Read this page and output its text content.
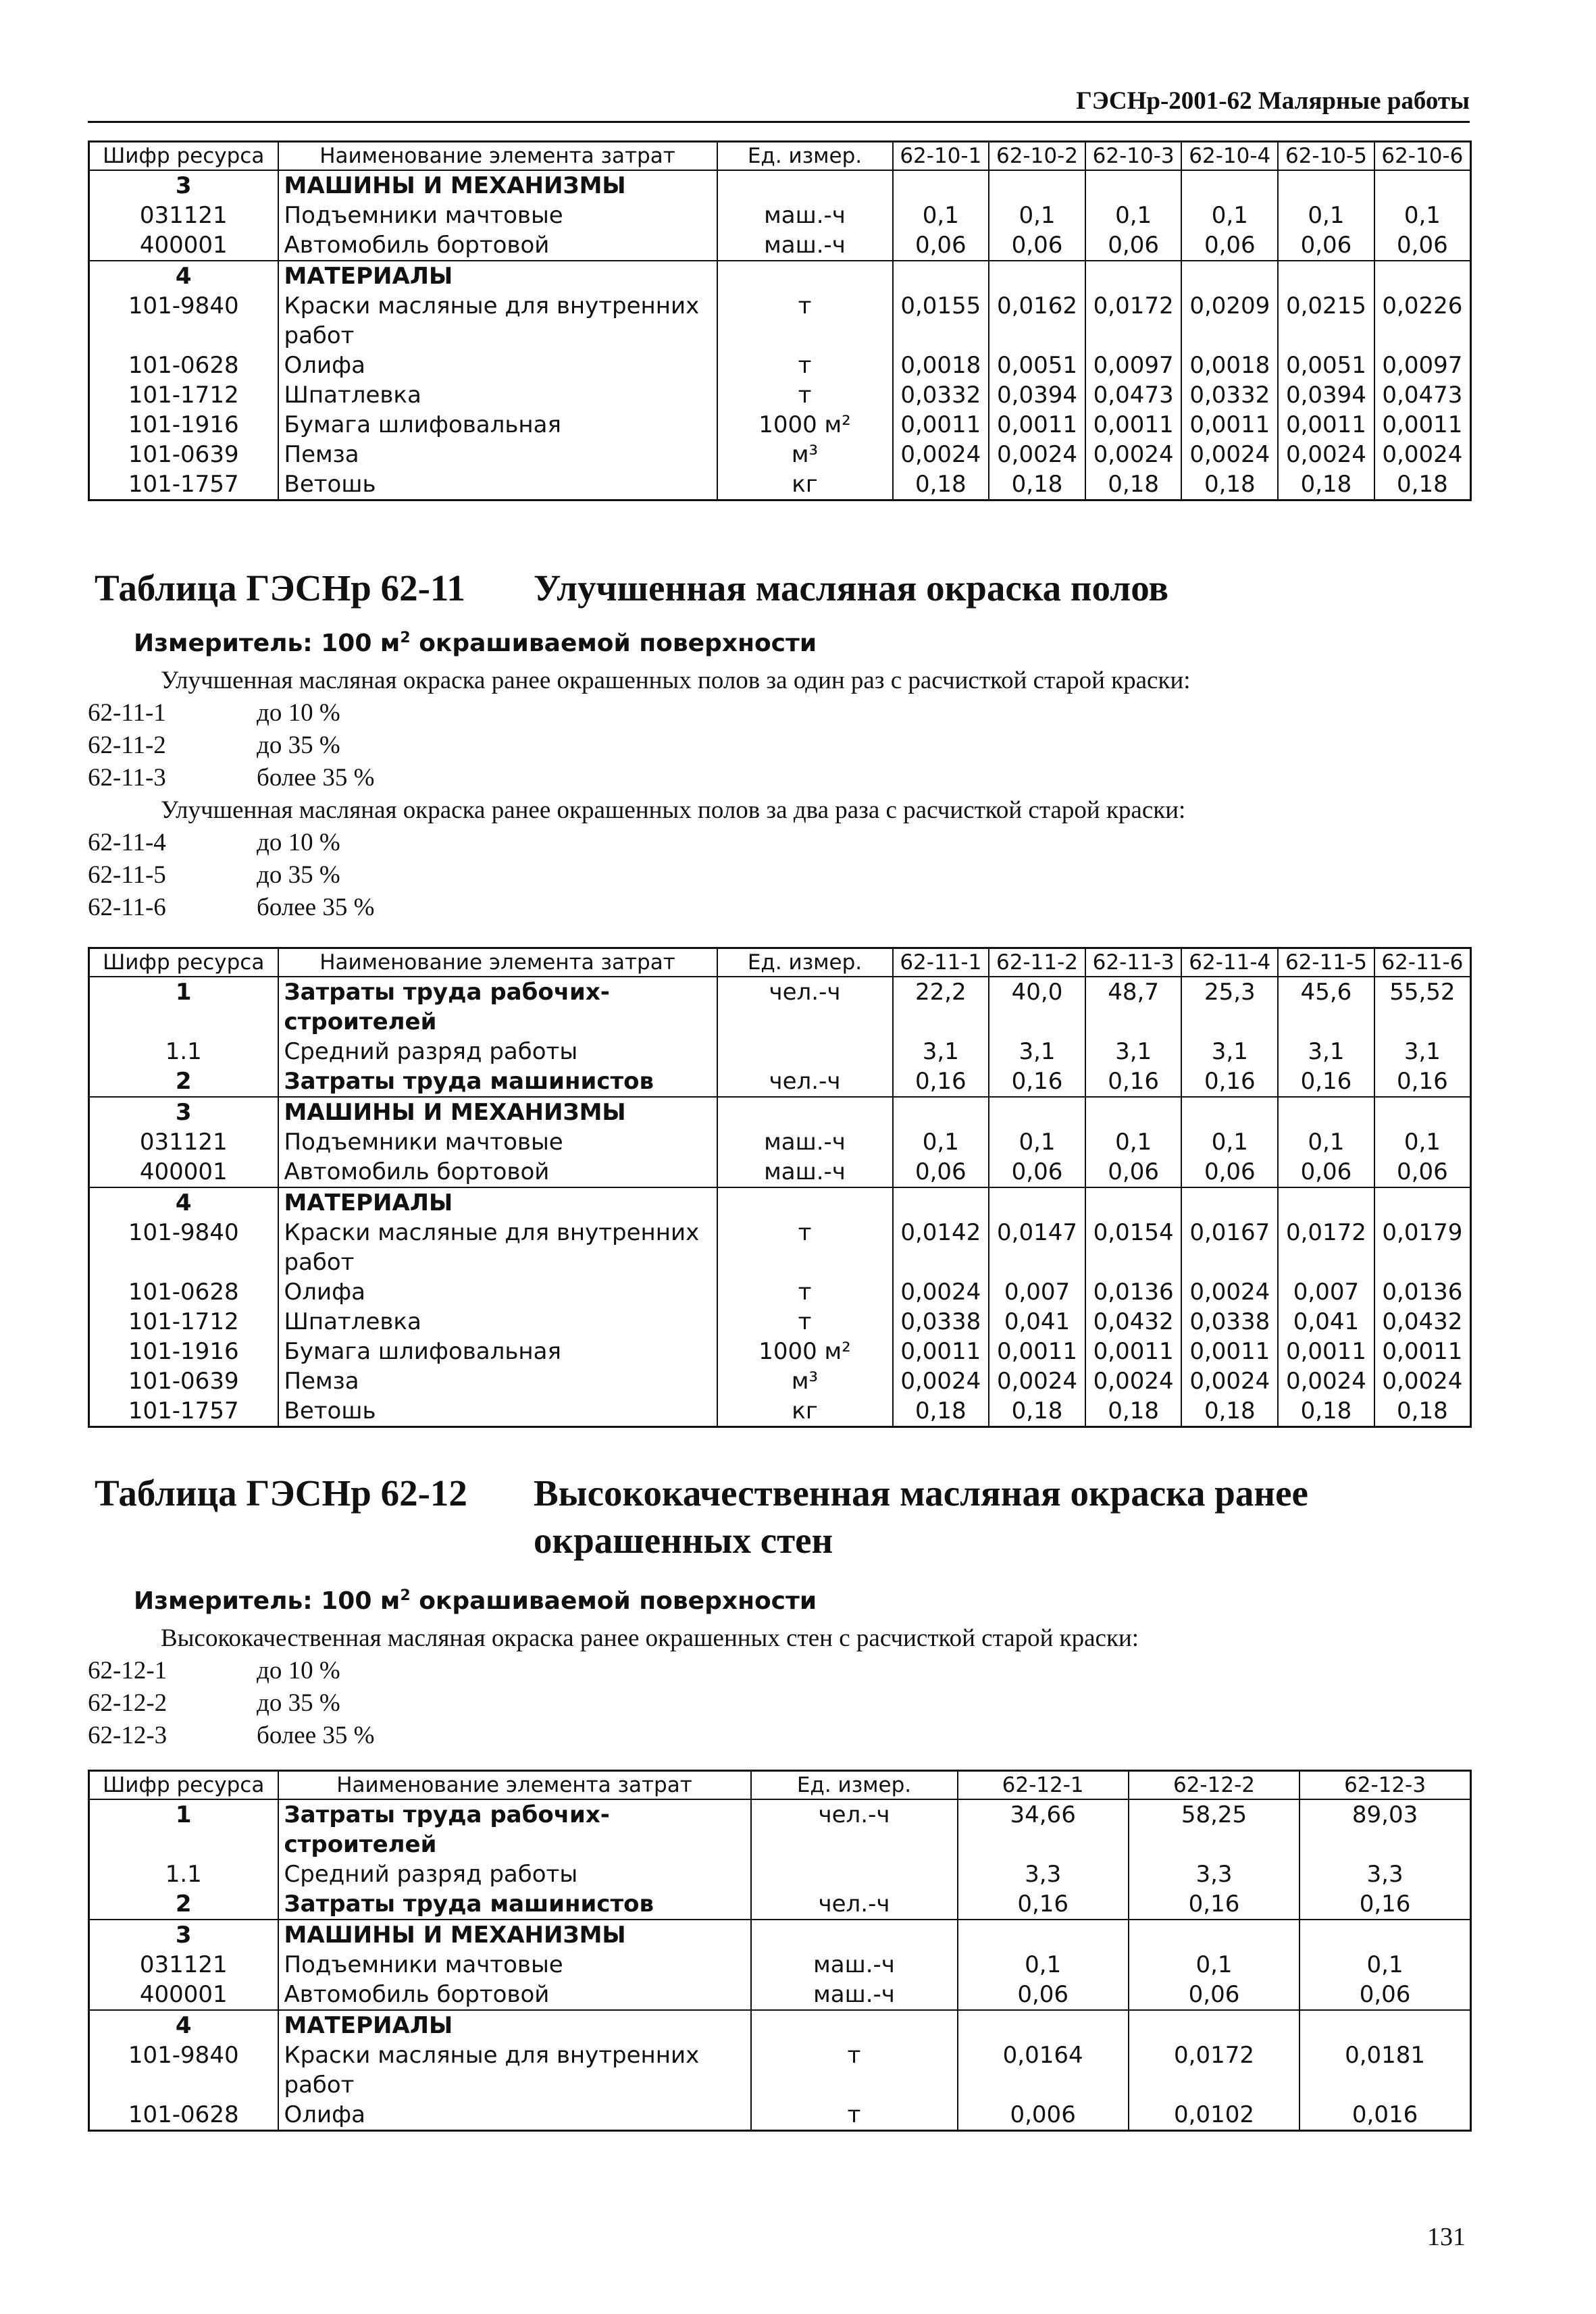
ГЭСНр-2001-62 Малярные работы
Шифр ресурса	Наименование элемента затрат	Ед. измер.	62-10-1	62-10-2	62-10-3	62-10-4	62-10-5	62-10-6
3	МАШИНЫ И МЕХАНИЗМЫ							
031121	Подъемники мачтовые	маш.-ч	0,1	0,1	0,1	0,1	0,1	0,1
400001	Автомобиль бортовой	маш.-ч	0,06	0,06	0,06	0,06	0,06	0,06
4	МАТЕРИАЛЫ							
101-9840	Краски масляные для внутренних работ	т	0,0155	0,0162	0,0172	0,0209	0,0215	0,0226
101-0628	Олифа	т	0,0018	0,0051	0,0097	0,0018	0,0051	0,0097
101-1712	Шпатлевка	т	0,0332	0,0394	0,0473	0,0332	0,0394	0,0473
101-1916	Бумага шлифовальная	1000 м²	0,0011	0,0011	0,0011	0,0011	0,0011	0,0011
101-0639	Пемза	м³	0,0024	0,0024	0,0024	0,0024	0,0024	0,0024
101-1757	Ветошь	кг	0,18	0,18	0,18	0,18	0,18	0,18
Таблица ГЭСНр 62-11 Улучшенная масляная окраска полов
Измеритель: 100 $м^2$ окрашиваемой поверхности
Улучшенная масляная окраска ранее окрашенных полов за один раз с расчисткой старой краски:
62-11-1	до 10 %
62-11-2	до 35 %
62-11-3	более 35 %
Улучшенная масляная окраска ранее окрашенных полов за два раза с расчисткой старой краски:
62-11-4	до 10 %
62-11-5	до 35 %
62-11-6	более 35 %
Шифр ресурса	Наименование элемента затрат	Ед. измер.	62-11-1	62-11-2	62-11-3	62-11-4	62-11-5	62-11-6
1	Затраты труда рабочих-строителей	чел.-ч	22,2	40,0	48,7	25,3	45,6	55,52
1.1	Средний разряд работы		3,1	3,1	3,1	3,1	3,1	3,1
2	Затраты труда машинистов	чел.-ч	0,16	0,16	0,16	0,16	0,16	0,16
3	МАШИНЫ И МЕХАНИЗМЫ							
031121	Подъемники мачтовые	маш.-ч	0,1	0,1	0,1	0,1	0,1	0,1
400001	Автомобиль бортовой	маш.-ч	0,06	0,06	0,06	0,06	0,06	0,06
4	МАТЕРИАЛЫ							
101-9840	Краски масляные для внутренних работ	т	0,0142	0,0147	0,0154	0,0167	0,0172	0,0179
101-0628	Олифа	т	0,0024	0,007	0,0136	0,0024	0,007	0,0136
101-1712	Шпатлевка	т	0,0338	0,041	0,0432	0,0338	0,041	0,0432
101-1916	Бумага шлифовальная	1000 м²	0,0011	0,0011	0,0011	0,0011	0,0011	0,0011
101-0639	Пемза	м³	0,0024	0,0024	0,0024	0,0024	0,0024	0,0024
101-1757	Ветошь	кг	0,18	0,18	0,18	0,18	0,18	0,18
Таблица ГЭСНр 62-12 Высококачественная масляная окраска ранее окрашенных стен
Измеритель: 100 $м^2$ окрашиваемой поверхности
Высококачественная масляная окраска ранее окрашенных стен с расчисткой старой краски:
62-12-1	до 10 %
62-12-2	до 35 %
62-12-3	более 35 %
Шифр ресурса	Наименование элемента затрат	Ед. измер.	62-12-1	62-12-2	62-12-3
1	Затраты труда рабочих-строителей	чел.-ч	34,66	58,25	89,03
1.1	Средний разряд работы		3,3	3,3	3,3
2	Затраты труда машинистов	чел.-ч	0,16	0,16	0,16
3	МАШИНЫ И МЕХАНИЗМЫ				
031121	Подъемники мачтовые	маш.-ч	0,1	0,1	0,1
400001	Автомобиль бортовой	маш.-ч	0,06	0,06	0,06
4	МАТЕРИАЛЫ				
101-9840	Краски масляные для внутренних работ	т	0,0164	0,0172	0,0181
101-0628	Олифа	т	0,006	0,0102	0,016
131
